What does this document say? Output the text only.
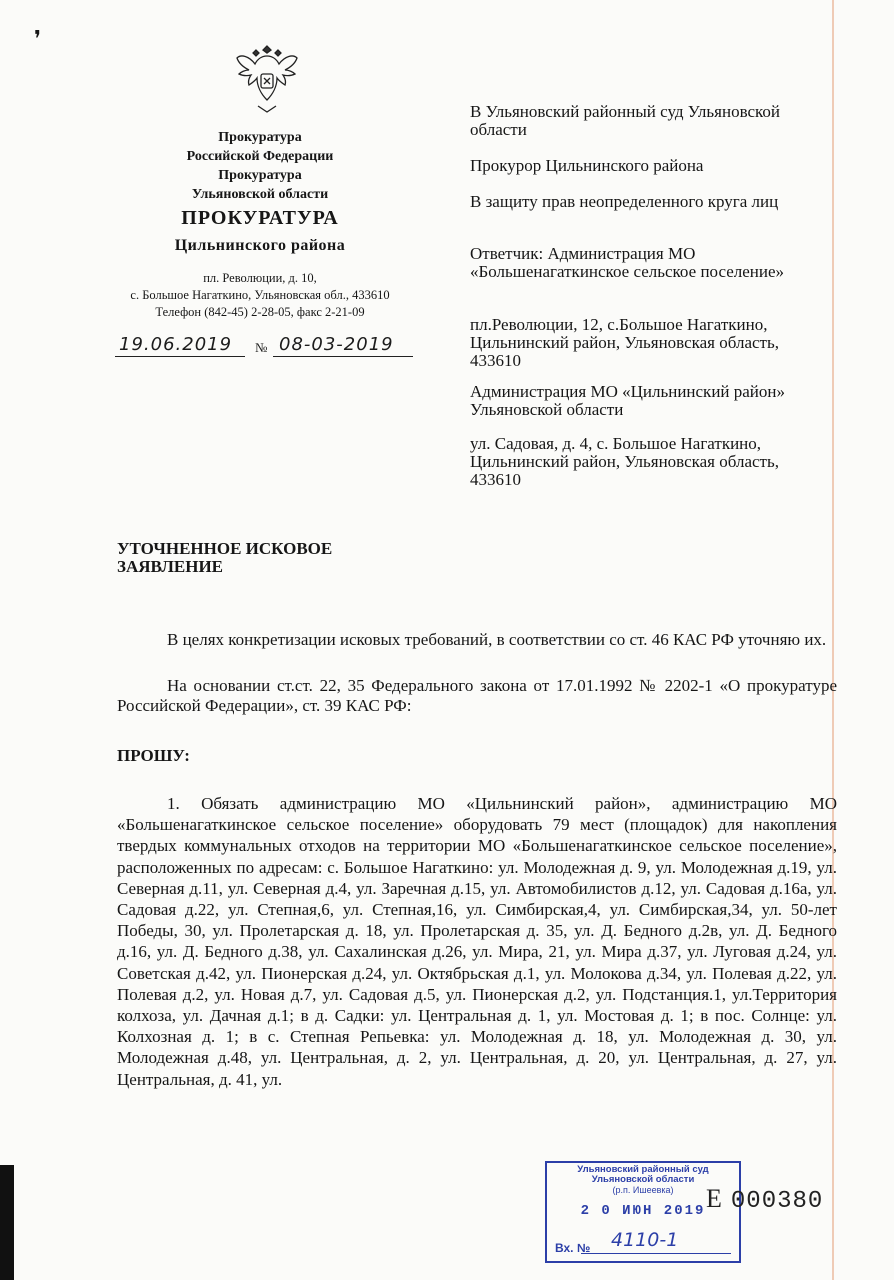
❜
Прокуратура
Российской Федерации
Прокуратура
Ульяновской области
ПРОКУРАТУРА
Цильнинского района
пл. Революции, д. 10,
с. Большое Нагаткино, Ульяновская обл., 433610
Телефон (842-45) 2-28-05, факс 2-21-09
19.06.2019 № 08-03-2019
В Ульяновский районный суд Ульяновской области
Прокурор Цильнинского района
В защиту прав неопределенного круга лиц
Ответчик: Администрация МО «Большенагаткинское сельское поселение»
пл.Революции, 12, с.Большое Нагаткино, Цильнинский район, Ульяновская область, 433610
Администрация МО «Цильнинский район» Ульяновской области
ул. Садовая, д. 4, с. Большое Нагаткино, Цильнинский район, Ульяновская область, 433610
УТОЧНЕННОЕ ИСКОВОЕ ЗАЯВЛЕНИЕ
В целях конкретизации исковых требований, в соответствии со ст. 46 КАС РФ уточняю их.
На основании ст.ст. 22, 35 Федерального закона от 17.01.1992 № 2202-1 «О прокуратуре Российской Федерации», ст. 39 КАС РФ:
ПРОШУ:
1. Обязать администрацию МО «Цильнинский район», администрацию МО «Большенагаткинское сельское поселение» оборудовать 79 мест (площадок) для накопления твердых коммунальных отходов на территории МО «Большенагаткинское сельское поселение», расположенных по адресам: с. Большое Нагаткино: ул. Молодежная д. 9, ул. Молодежная д.19, ул. Северная д.11, ул. Северная д.4, ул. Заречная д.15, ул. Автомобилистов д.12, ул. Садовая д.16а, ул. Садовая д.22, ул. Степная,6, ул. Степная,16, ул. Симбирская,4, ул. Симбирская,34, ул. 50-лет Победы, 30, ул. Пролетарская д. 18, ул. Пролетарская д. 35, ул. Д. Бедного д.2в, ул. Д. Бедного д.16, ул. Д. Бедного д.38, ул. Сахалинская д.26, ул. Мира, 21, ул. Мира д.37, ул. Луговая д.24, ул. Советская д.42, ул. Пионерская д.24, ул. Октябрьская д.1, ул. Молокова д.34, ул. Полевая д.22, ул. Полевая д.2, ул. Новая д.7, ул. Садовая д.5, ул. Пионерская д.2, ул. Подстанция.1, ул.Территория колхоза, ул. Дачная д.1; в д. Садки: ул. Центральная д. 1, ул. Мостовая д. 1; в пос. Солнце: ул. Колхозная д. 1; в с. Степная Репьевка: ул. Молодежная д. 18, ул. Молодежная д. 30, ул. Молодежная д.48, ул. Центральная, д. 2, ул. Центральная, д. 20, ул. Центральная, д. 27, ул. Центральная, д. 41, ул.
Ульяновский районный суд
Ульяновской области
(р.п. Ишеевка)
2 0 ИЮН 2019
Вх. № 4110-1
Е 000380
